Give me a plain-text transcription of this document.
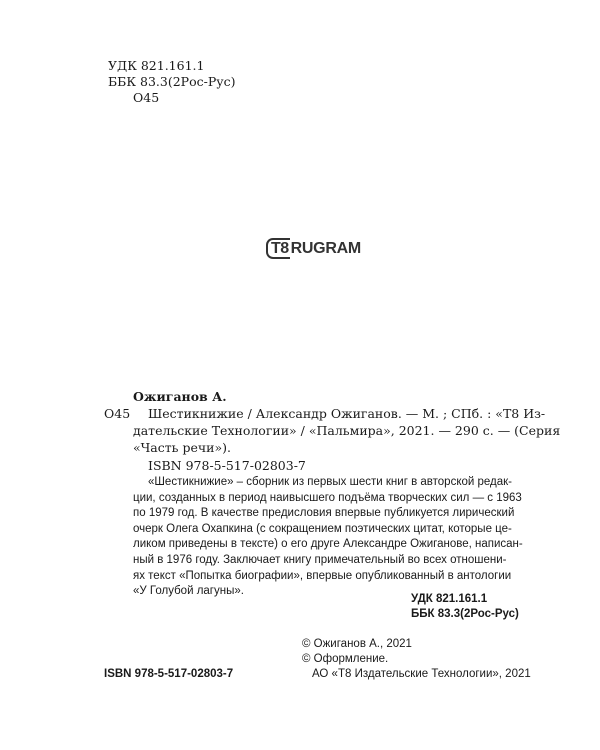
УДК 821.161.1
ББК 83.3(2Рос-Рус)
О45
T8 RUGRAM
Ожиганов А.
О45 Шестикнижие / Александр Ожиганов. — М. ; СПб. : «Т8 Из-
дательские Технологии» / «Пальмира», 2021. — 290 с. — (Серия
«Часть речи»).
ISBN 978-5-517-02803-7
«Шестикнижие» – сборник из первых шести книг в авторской редак-
ции, созданных в период наивысшего подъёма творческих сил — с 1963
по 1979 год. В качестве предисловия впервые публикуется лирический
очерк Олега Охапкина (с сокращением поэтических цитат, которые це-
ликом приведены в тексте) о его друге Александре Ожиганове, написан-
ный в 1976 году. Заключает книгу примечательный во всех отношени-
ях текст «Попытка биографии», впервые опубликованный в антологии
«У Голубой лагуны».
УДК 821.161.1
ББК 83.3(2Рос-Рус)
© Ожиганов А., 2021
© Оформление.
ISBN 978-5-517-02803-7	АО «Т8 Издательские Технологии», 2021
